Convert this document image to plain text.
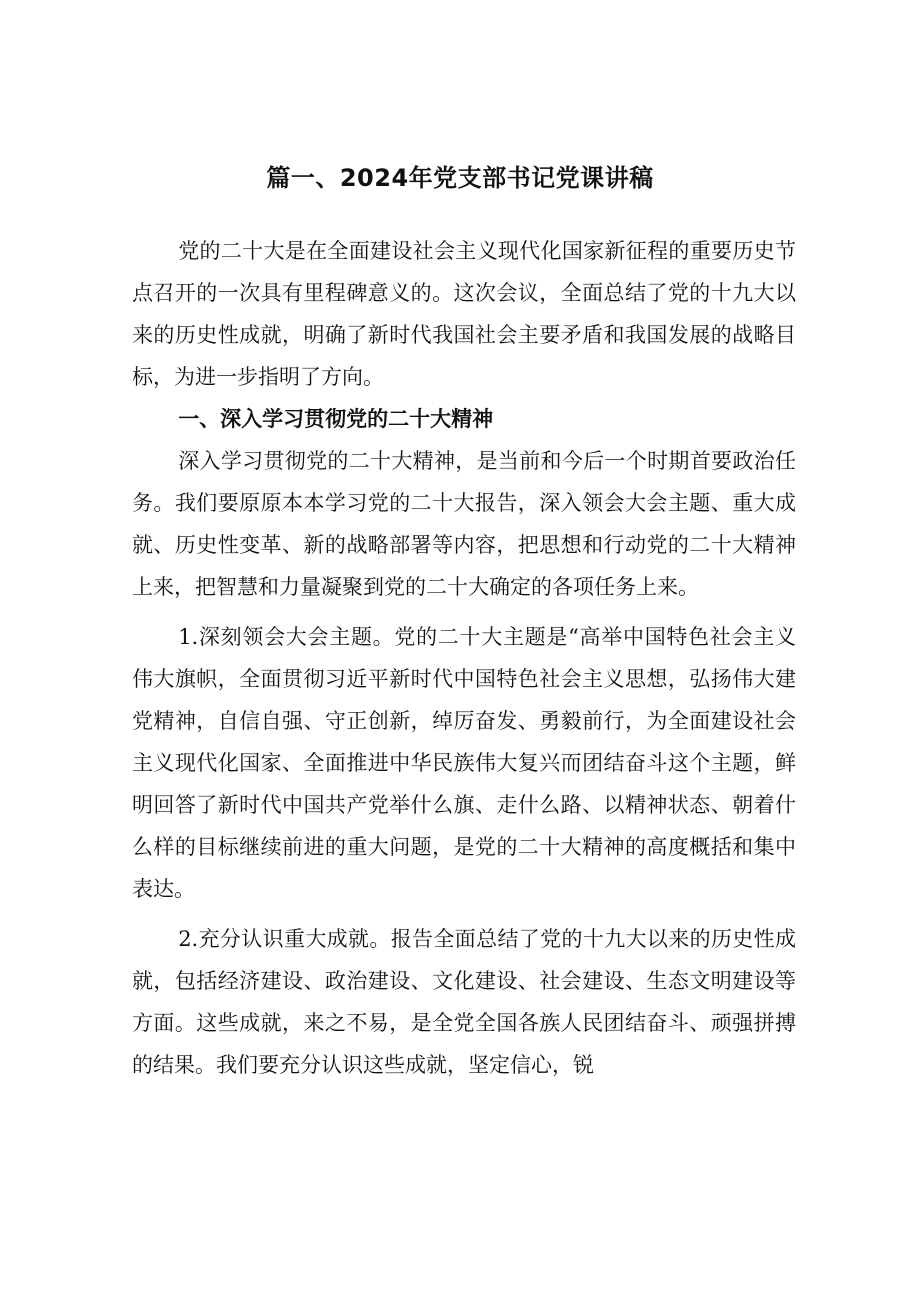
篇一、2024年党支部书记党课讲稿

党的二十大是在全面建设社会主义现代化国家新征程的重要历史节点召开的一次具有里程碑意义的。这次会议，全面总结了党的十九大以来的历史性成就，明确了新时代我国社会主要矛盾和我国发展的战略目标，为进一步指明了方向。

一、深入学习贯彻党的二十大精神

深入学习贯彻党的二十大精神，是当前和今后一个时期首要政治任务。我们要原原本本学习党的二十大报告，深入领会大会主题、重大成就、历史性变革、新的战略部署等内容，把思想和行动党的二十大精神上来，把智慧和力量凝聚到党的二十大确定的各项任务上来。

1.深刻领会大会主题。党的二十大主题是“高举中国特色社会主义伟大旗帜，全面贯彻习近平新时代中国特色社会主义思想，弘扬伟大建党精神，自信自强、守正创新，绰厉奋发、勇毅前行，为全面建设社会主义现代化国家、全面推进中华民族伟大复兴而团结奋斗这个主题，鲜明回答了新时代中国共产党举什么旗、走什么路、以精神状态、朝着什么样的目标继续前进的重大问题，是党的二十大精神的高度概括和集中表达。

2.充分认识重大成就。报告全面总结了党的十九大以来的历史性成就，包括经济建设、政治建设、文化建设、社会建设、生态文明建设等方面。这些成就，来之不易，是全党全国各族人民团结奋斗、顽强拼搏的结果。我们要充分认识这些成就，坚定信心，锐
